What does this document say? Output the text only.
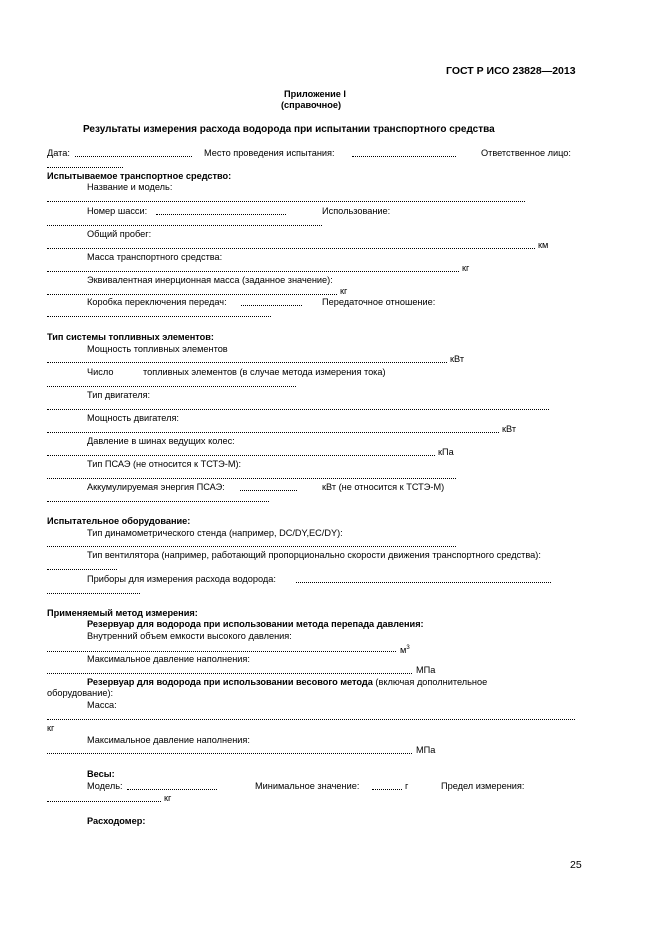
ГОСТ Р ИСО 23828—2013
Приложение I
(справочное)
Результаты измерения расхода водорода при испытании транспортного средства
Дата:	Место проведения испытания:	Ответственное лицо:
Испытываемое транспортное средство:
Название и модель:
Номер шасси:	Использование:
Общий пробег:
км
Масса транспортного средства:
кг
Эквивалентная инерционная масса (заданное значение):
кг
Коробка переключения передач:	Передаточное отношение:
Тип системы топливных элементов:
Мощность топливных элементов
кВт
Число	топливных элементов (в случае метода измерения тока)
Тип двигателя:
Мощность двигателя:
кВт
Давление в шинах ведущих колес:
кПа
Тип ПСАЭ (не относится к ТСТЭ-М):
Аккумулируемая энергия ПСАЭ:	кВт (не относится к ТСТЭ-М)
Испытательное оборудование:
Тип динамометрического стенда (например, DC/DY,EC/DY):
Тип вентилятора (например, работающий пропорционально скорости движения транспортного средства):
Приборы для измерения расхода водорода:
Применяемый метод измерения:
Резервуар для водорода при использовании метода перепада давления:
Внутренний объем емкости высокого давления:
$м^3$
Максимальное давление наполнения:
МПа
Резервуар для водорода при использовании весового метода (включая дополнительное
оборудование):
Масса:
кг
Максимальное давление наполнения:
МПа
Весы:
Модель:	Минимальное значение:	г	Предел измерения:
кг
Расходомер:
25
